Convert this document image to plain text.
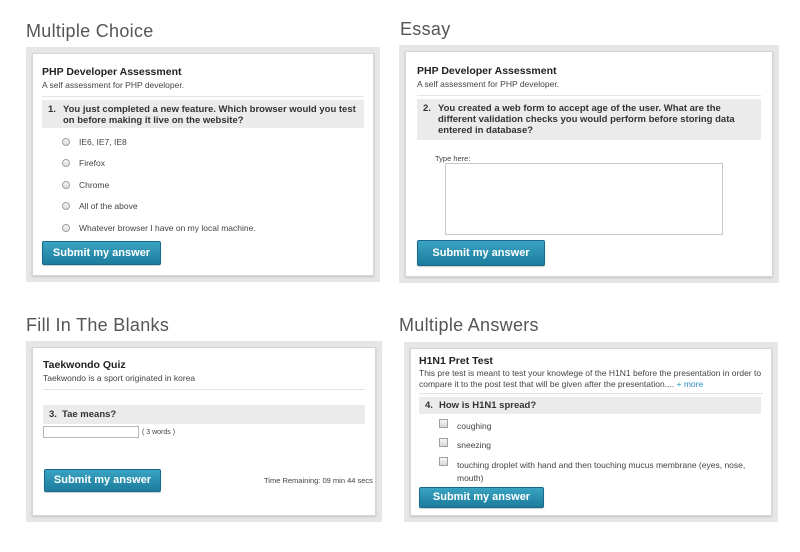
Multiple Choice
PHP Developer Assessment
A self assessment for PHP developer.
1. You just completed a new feature. Which browser would you test on before making it live on the website?
IE6, IE7, IE8
Firefox
Chrome
All of the above
Whatever browser I have on my local machine.
Submit my answer
Essay
PHP Developer Assessment
A self assessment for PHP developer.
2. You created a web form to accept age of the user. What are the different validation checks you would perform before storing data entered in database?
Type here:
Submit my answer
Fill In The Blanks
Taekwondo Quiz
Taekwondo is a sport originated in korea
3. Tae means?
( 3 words )
Submit my answer	Time Remaining: 09 min 44 secs
Multiple Answers
H1N1 Pret Test
This pre test is meant to test your knowlege of the H1N1 before the presentation in order to compare it to the post test that will be given after the presentation.... + more
4. How is H1N1 spread?
coughing
sneezing
touching droplet with hand and then touching mucus membrane (eyes, nose, mouth)
Submit my answer
